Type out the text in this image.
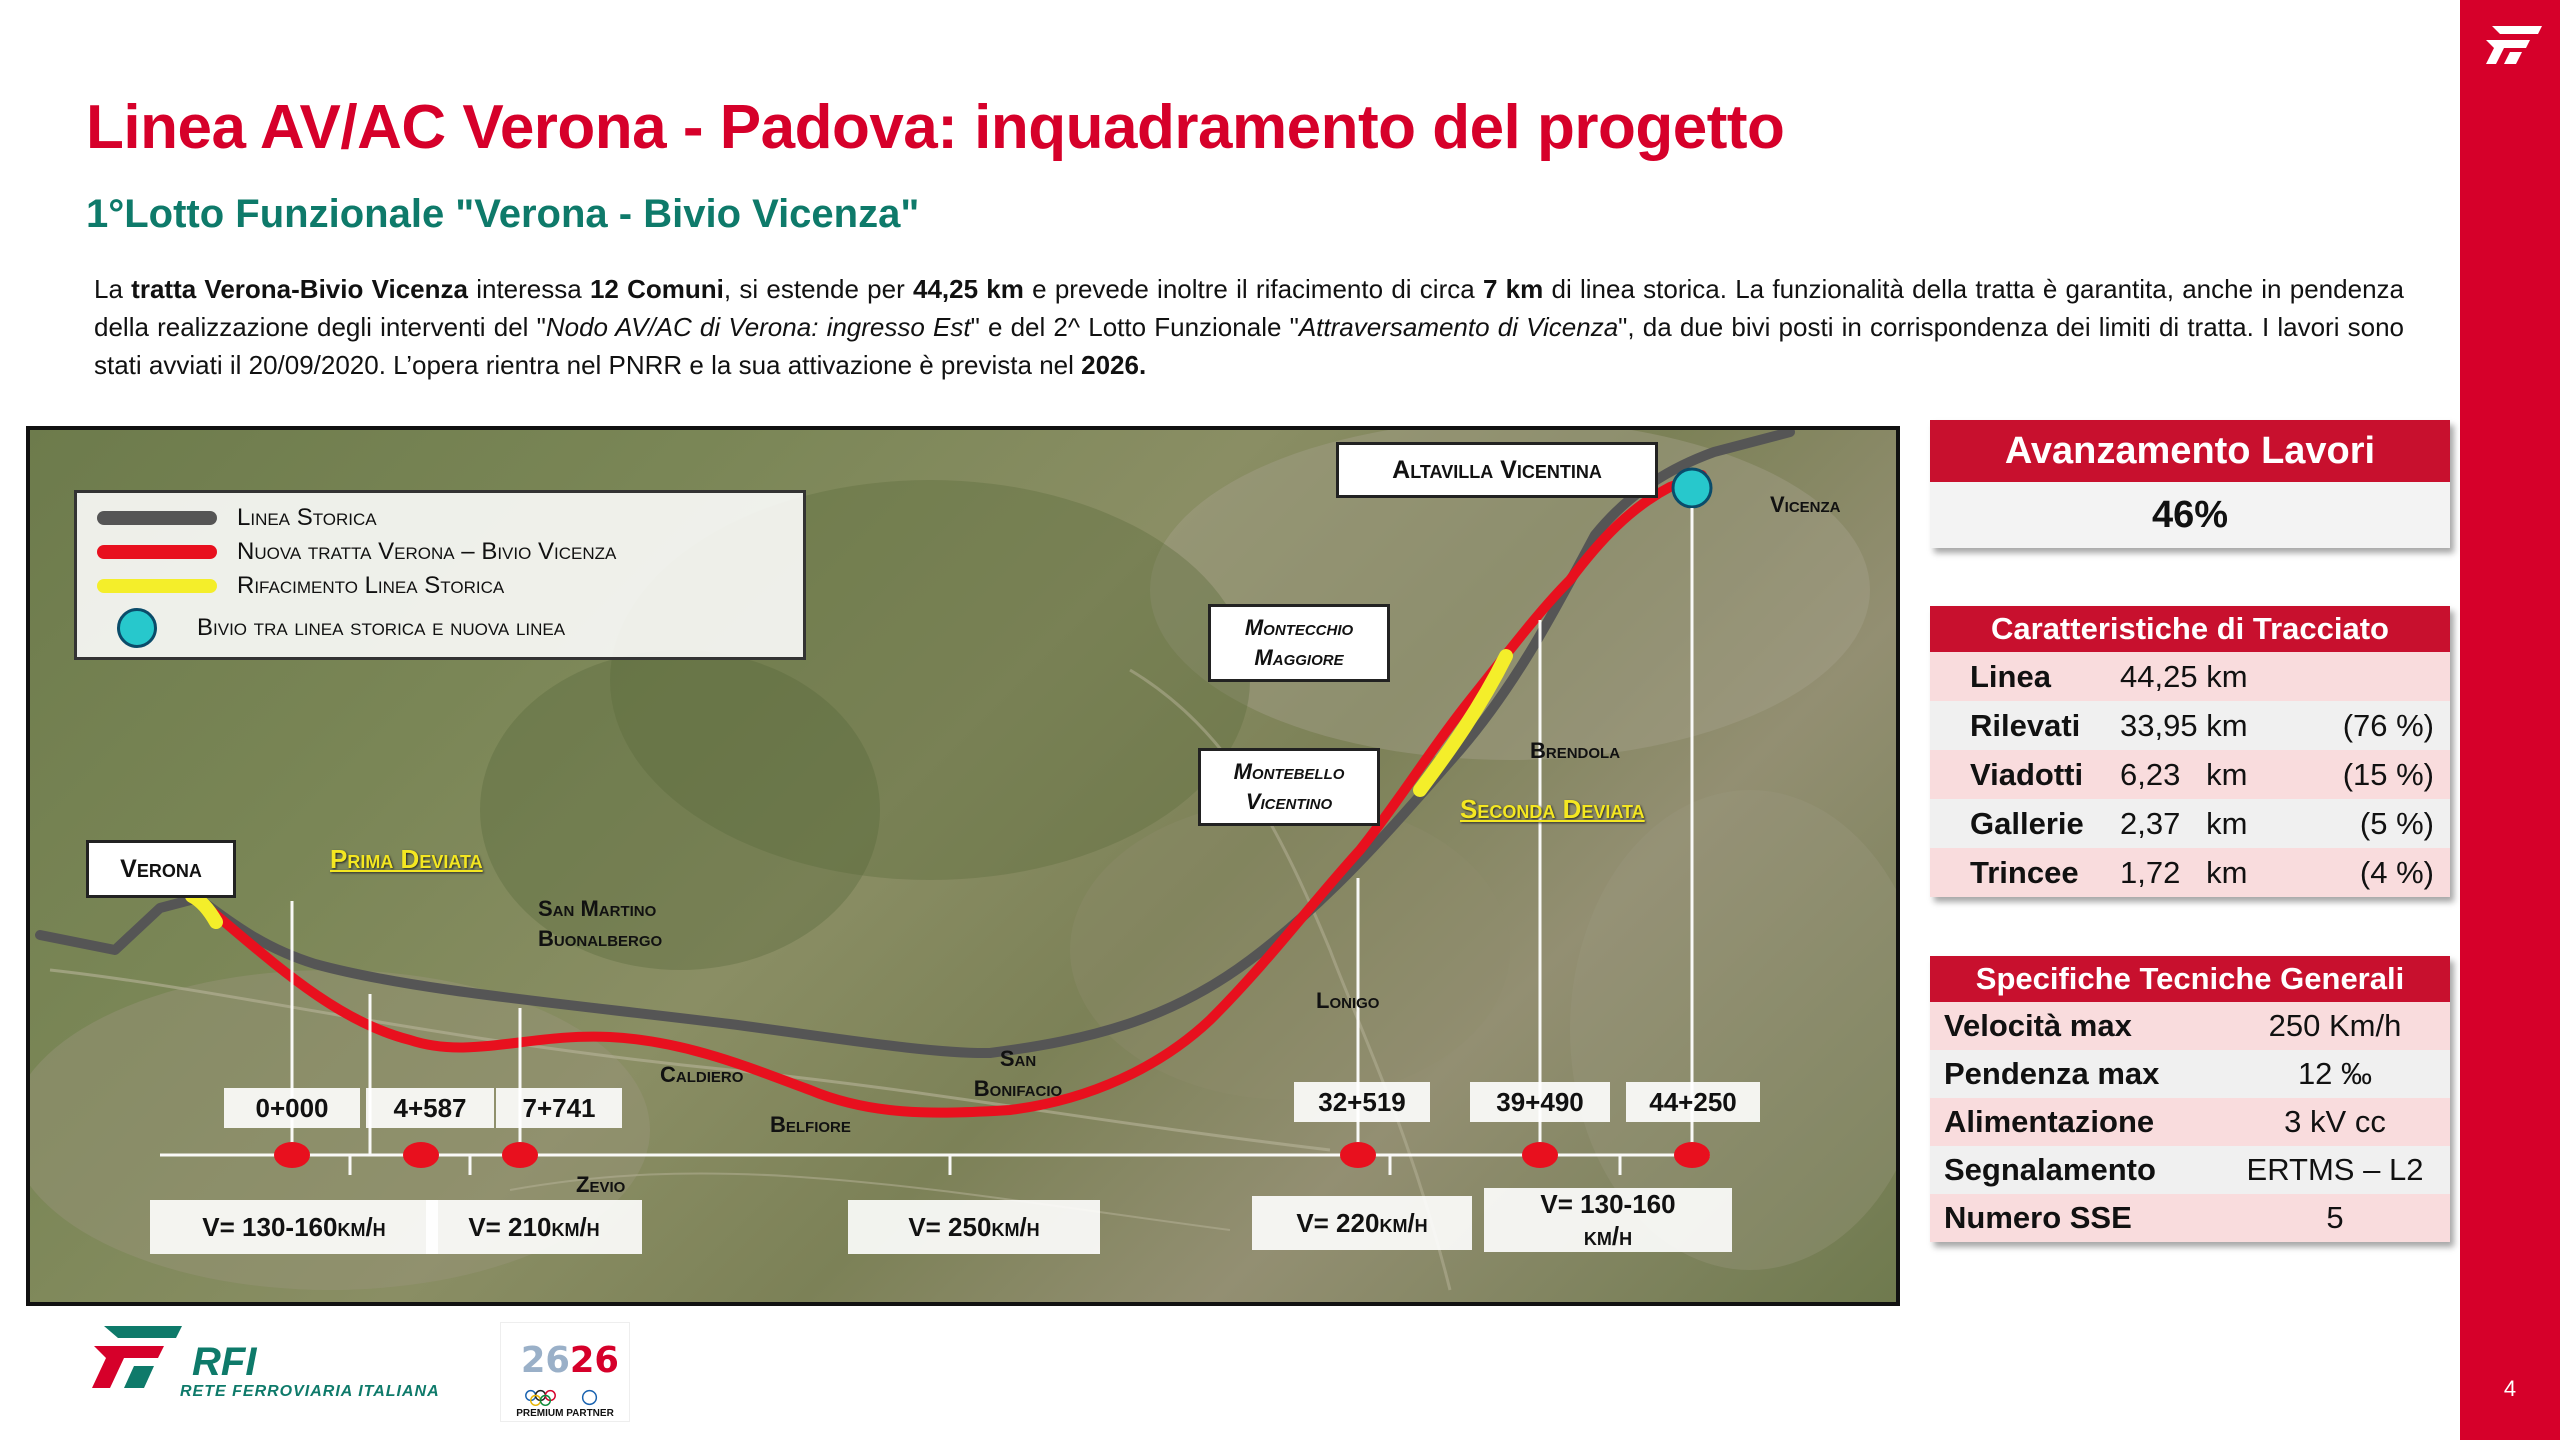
4
Linea AV/AC Verona - Padova: inquadramento del progetto
1°Lotto Funzionale "Verona - Bivio Vicenza"
La tratta Verona-Bivio Vicenza interessa 12 Comuni, si estende per 44,25 km e prevede inoltre il rifacimento di circa 7 km di linea storica. La funzionalità della tratta è garantita, anche in pendenza della realizzazione degli interventi del "Nodo AV/AC di Verona: ingresso Est" e del 2^ Lotto Funzionale "Attraversamento di Vicenza", da due bivi posti in corrispondenza dei limiti di tratta. I lavori sono stati avviati il 20/09/2020. L’opera rientra nel PNRR e la sua attivazione è prevista nel 2026.
Linea Storica
Nuova tratta Verona – Bivio Vicenza
Rifacimento Linea Storica
Bivio tra linea storica e nuova linea
Verona
Altavilla Vicentina
Montecchio Maggiore
Montebello Vicentino
Prima Deviata
Seconda Deviata
Vicenza
Brendola
San Martino Buonalbergo
Caldiero
Belfiore
Zevio
San Bonifacio
Lonigo
0+000	4+587	7+741	32+519	39+490	44+250
V= 130-160 km/h	V= 210 km/h	V= 250 km/h	V= 220 km/h
V= 130-160
km/h
Avanzamento Lavori
46%
Caratteristiche di Tracciato
Linea	44,25 km
Rilevati	33,95 km	(76 %)
Viadotti	6,23   km	(15 %)
Gallerie	2,37   km	(5 %)
Trincee	1,72   km	(4 %)
Specifiche Tecniche Generali
Velocità max	250 Km/h
Pendenza max	12 ‰
Alimentazione	3 kV cc
Segnalamento	ERTMS – L2
Numero SSE	5
RFI
RETE FERROVIARIA ITALIANA
26 26
PREMIUM PARTNER
